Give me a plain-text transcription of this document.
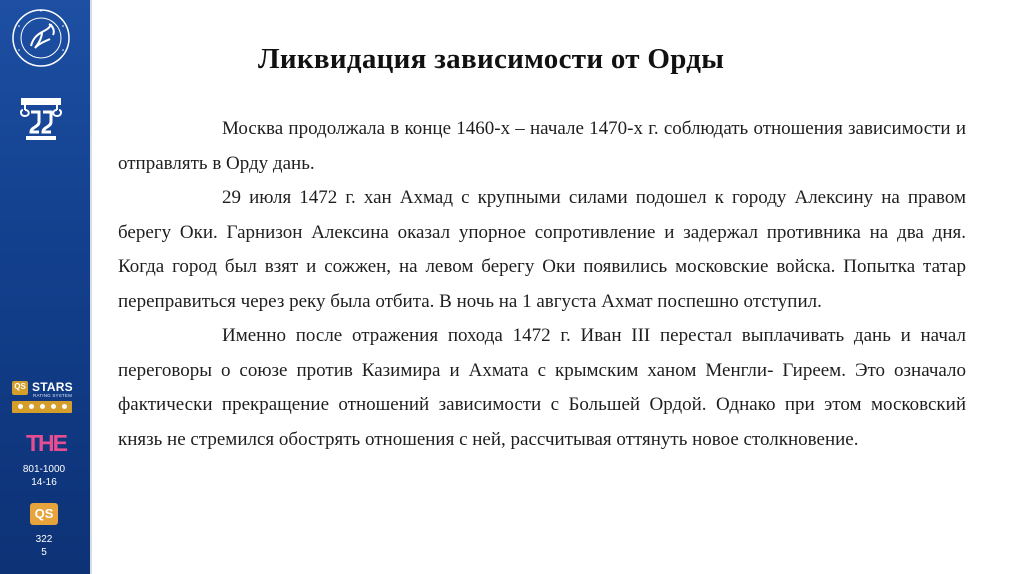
QS STARS
RATING SYSTEM
THE
801-1000
14-16
QS
322
5
Ликвидация зависимости от Орды

Москва продолжала в конце 1460-х – начале 1470-х г. соблюдать отношения зависимости и отправлять в Орду дань.

29 июля 1472 г. хан Ахмад с крупными силами подошел к городу Алексину на правом берегу Оки. Гарнизон Алексина оказал упорное сопротивление и задержал противника на два дня. Когда город был взят и сожжен, на левом берегу Оки появились московские войска. Попытка татар переправиться через реку была отбита. В ночь на 1 августа Ахмат поспешно отступил.

Именно после отражения похода 1472 г. Иван III перестал выплачивать дань и начал переговоры о союзе против Казимира и Ахмата с крымским ханом Менгли- Гиреем. Это означало фактически прекращение отношений зависимости с Большей Ордой. Однако при этом московский князь не стремился обострять отношения с ней, рассчитывая оттянуть новое столкновение.
